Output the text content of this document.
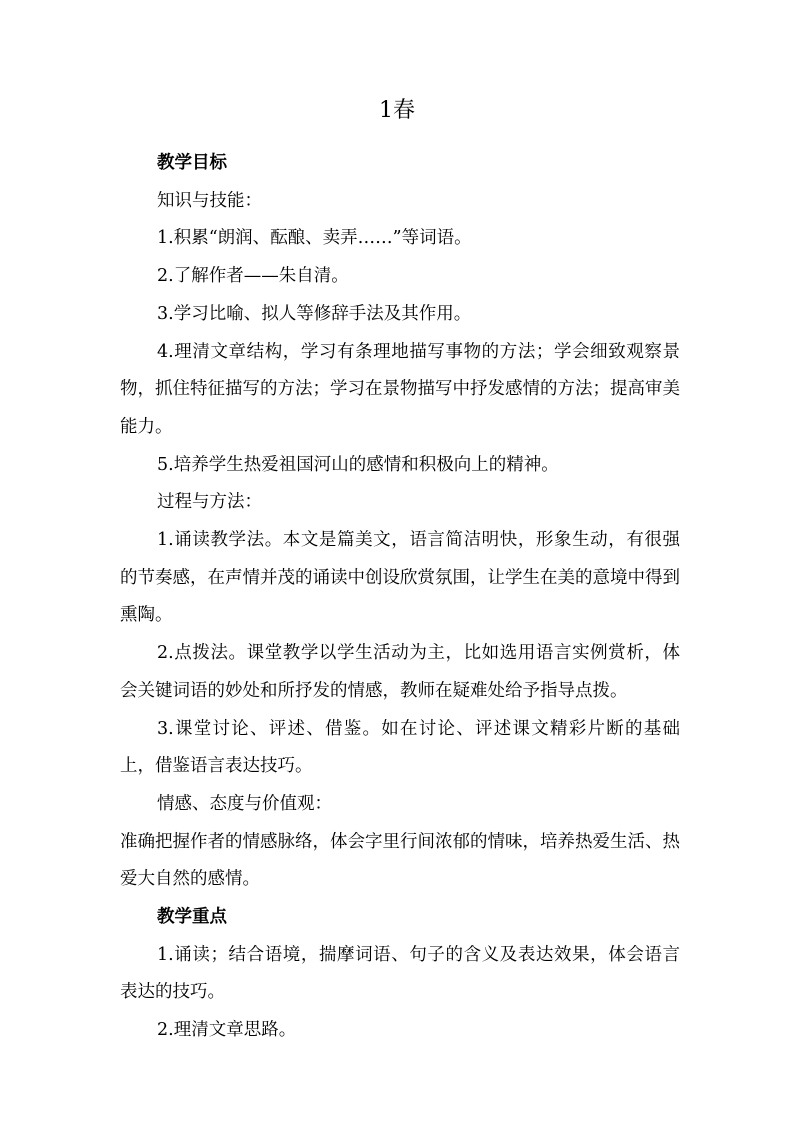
1春

教学目标

知识与技能：

1.积累“朗润、酝酿、卖弄……”等词语。

2.了解作者——朱自清。

3.学习比喻、拟人等修辞手法及其作用。

4.理清文章结构，学习有条理地描写事物的方法；学会细致观察景物，抓住特征描写的方法；学习在景物描写中抒发感情的方法；提高审美能力。

5.培养学生热爱祖国河山的感情和积极向上的精神。

过程与方法：

1.诵读教学法。本文是篇美文，语言简洁明快，形象生动，有很强的节奏感，在声情并茂的诵读中创设欣赏氛围，让学生在美的意境中得到熏陶。

2.点拨法。课堂教学以学生活动为主，比如选用语言实例赏析，体会关键词语的妙处和所抒发的情感，教师在疑难处给予指导点拨。

3.课堂讨论、评述、借鉴。如在讨论、评述课文精彩片断的基础上，借鉴语言表达技巧。

情感、态度与价值观：

准确把握作者的情感脉络，体会字里行间浓郁的情味，培养热爱生活、热爱大自然的感情。

教学重点

1.诵读；结合语境，揣摩词语、句子的含义及表达效果，体会语言表达的技巧。

2.理清文章思路。
